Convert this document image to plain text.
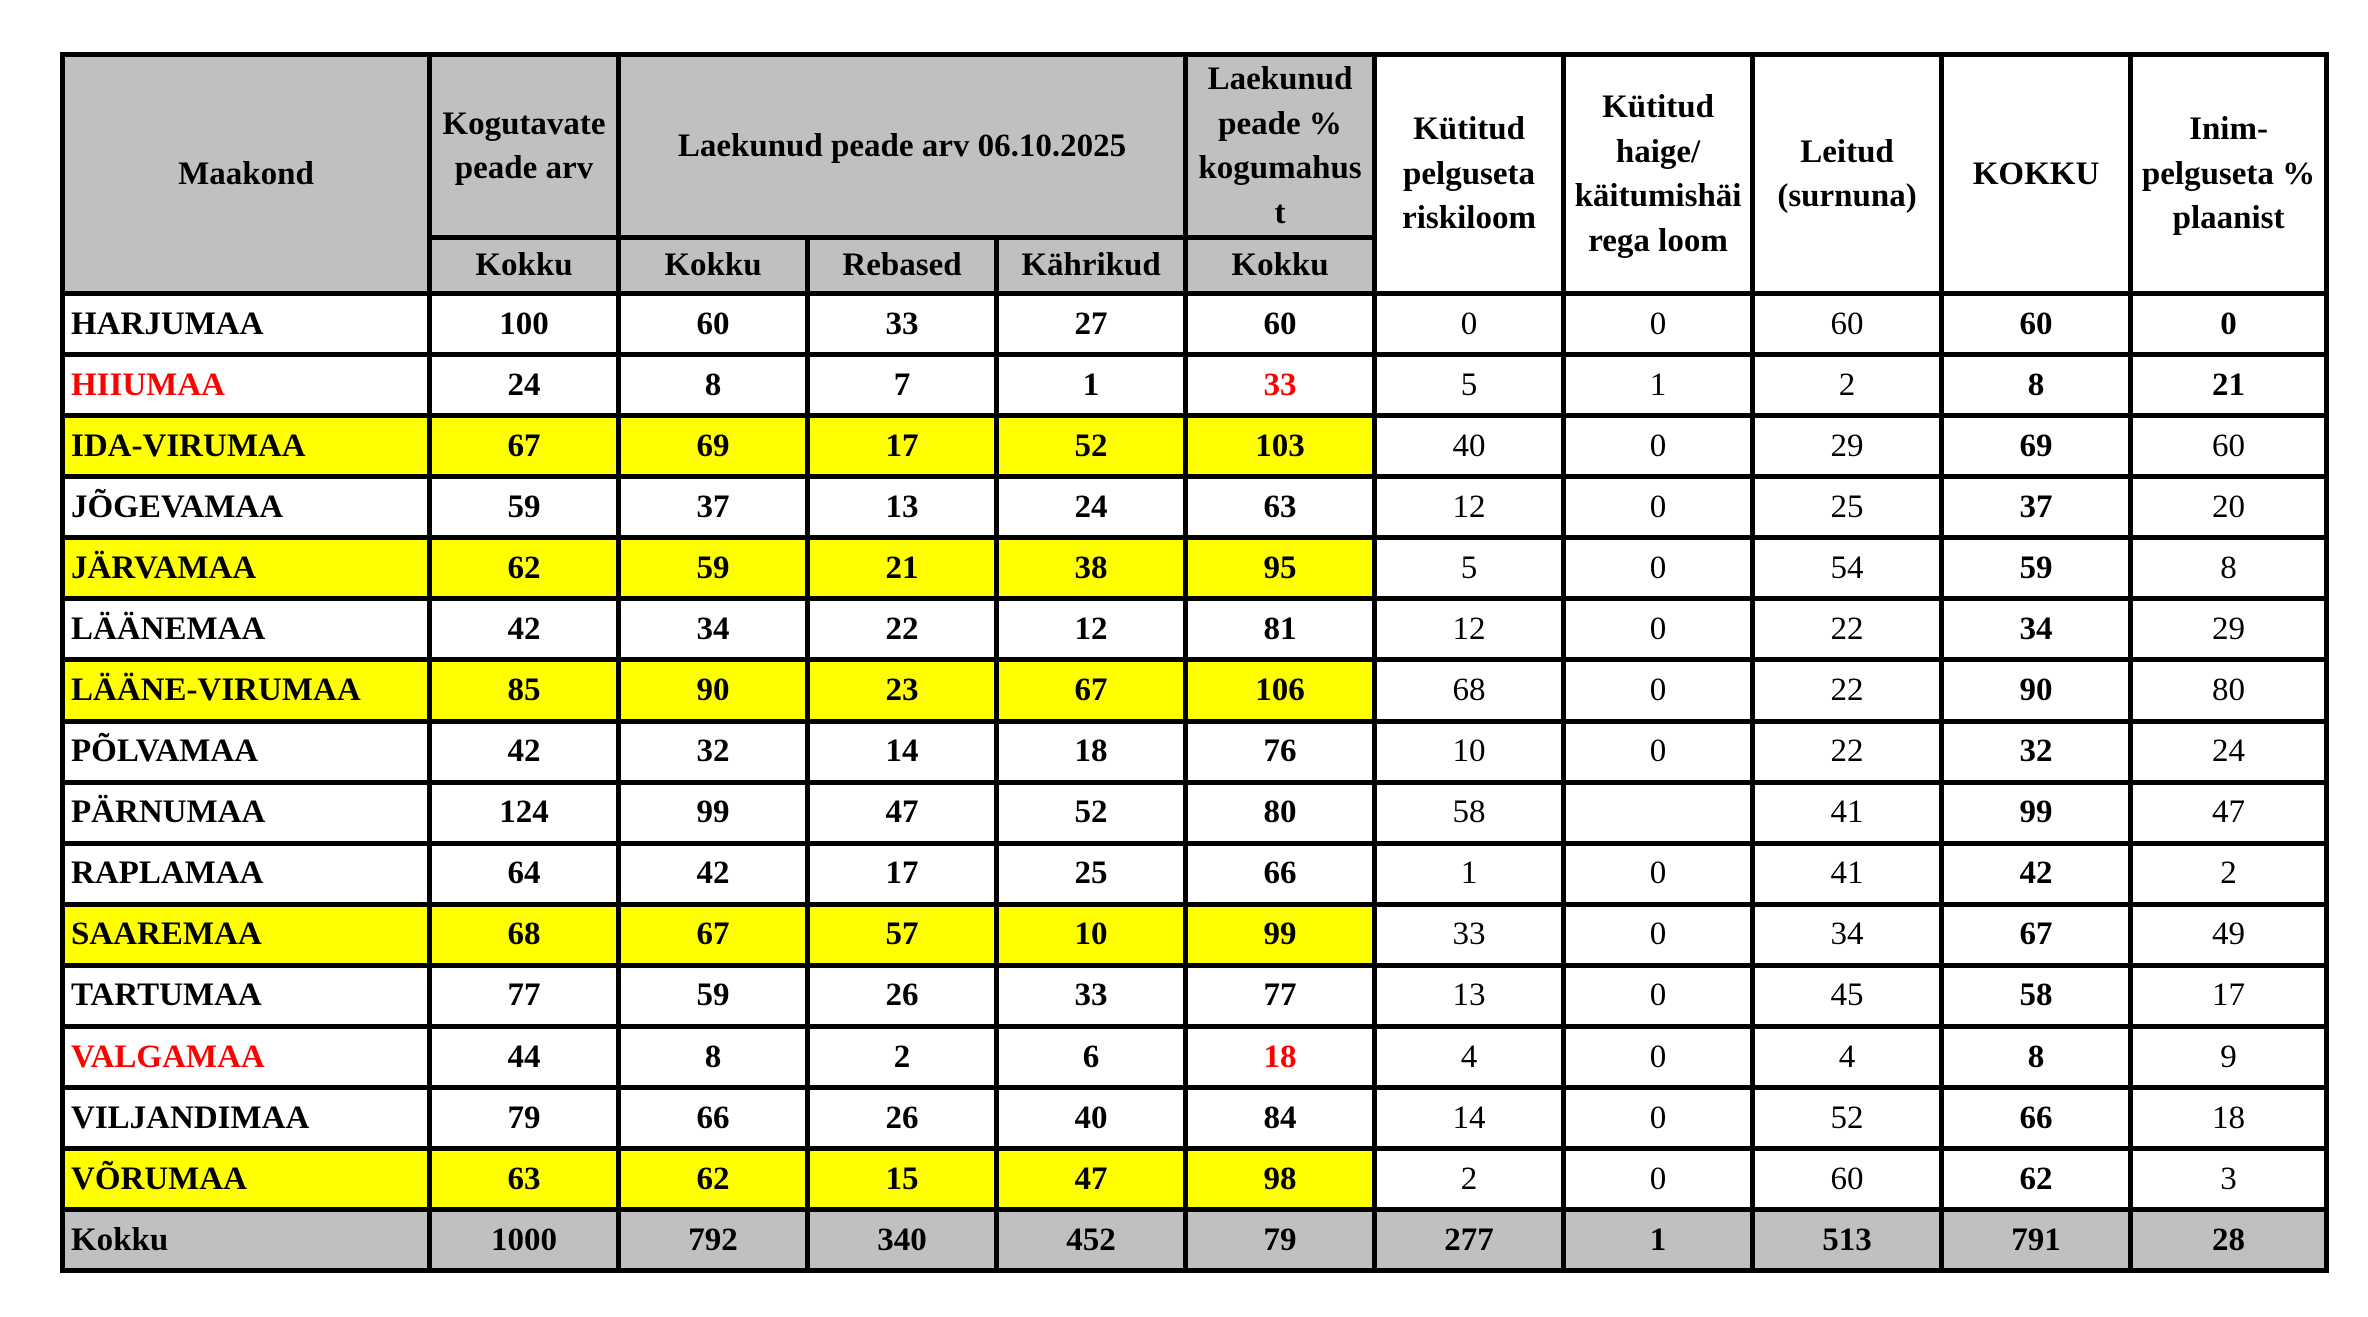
Maakond	Kogutavate peade arv	Laekunud peade arv 06.10.2025			Laekunud peade % kogumahus t	Kütitud pelguseta riskiloom	Kütitud haige/ käitumishäi rega loom	Leitud (surnuna)	KOKKU	Inim-pelguseta % plaanist
	Kokku	Kokku	Rebased	Kährikud	Kokku					
HARJUMAA	100	60	33	27	60	0	0	60	60	0
HIIUMAA	24	8	7	1	33	5	1	2	8	21
IDA-VIRUMAA	67	69	17	52	103	40	0	29	69	60
JÕGEVAMAA	59	37	13	24	63	12	0	25	37	20
JÄRVAMAA	62	59	21	38	95	5	0	54	59	8
LÄÄNEMAA	42	34	22	12	81	12	0	22	34	29
LÄÄNE-VIRUMAA	85	90	23	67	106	68	0	22	90	80
PÕLVAMAA	42	32	14	18	76	10	0	22	32	24
PÄRNUMAA	124	99	47	52	80	58		41	99	47
RAPLAMAA	64	42	17	25	66	1	0	41	42	2
SAAREMAA	68	67	57	10	99	33	0	34	67	49
TARTUMAA	77	59	26	33	77	13	0	45	58	17
VALGAMAA	44	8	2	6	18	4	0	4	8	9
VILJANDIMAA	79	66	26	40	84	14	0	52	66	18
VÕRUMAA	63	62	15	47	98	2	0	60	62	3
Kokku	1000	792	340	452	79	277	1	513	791	28
